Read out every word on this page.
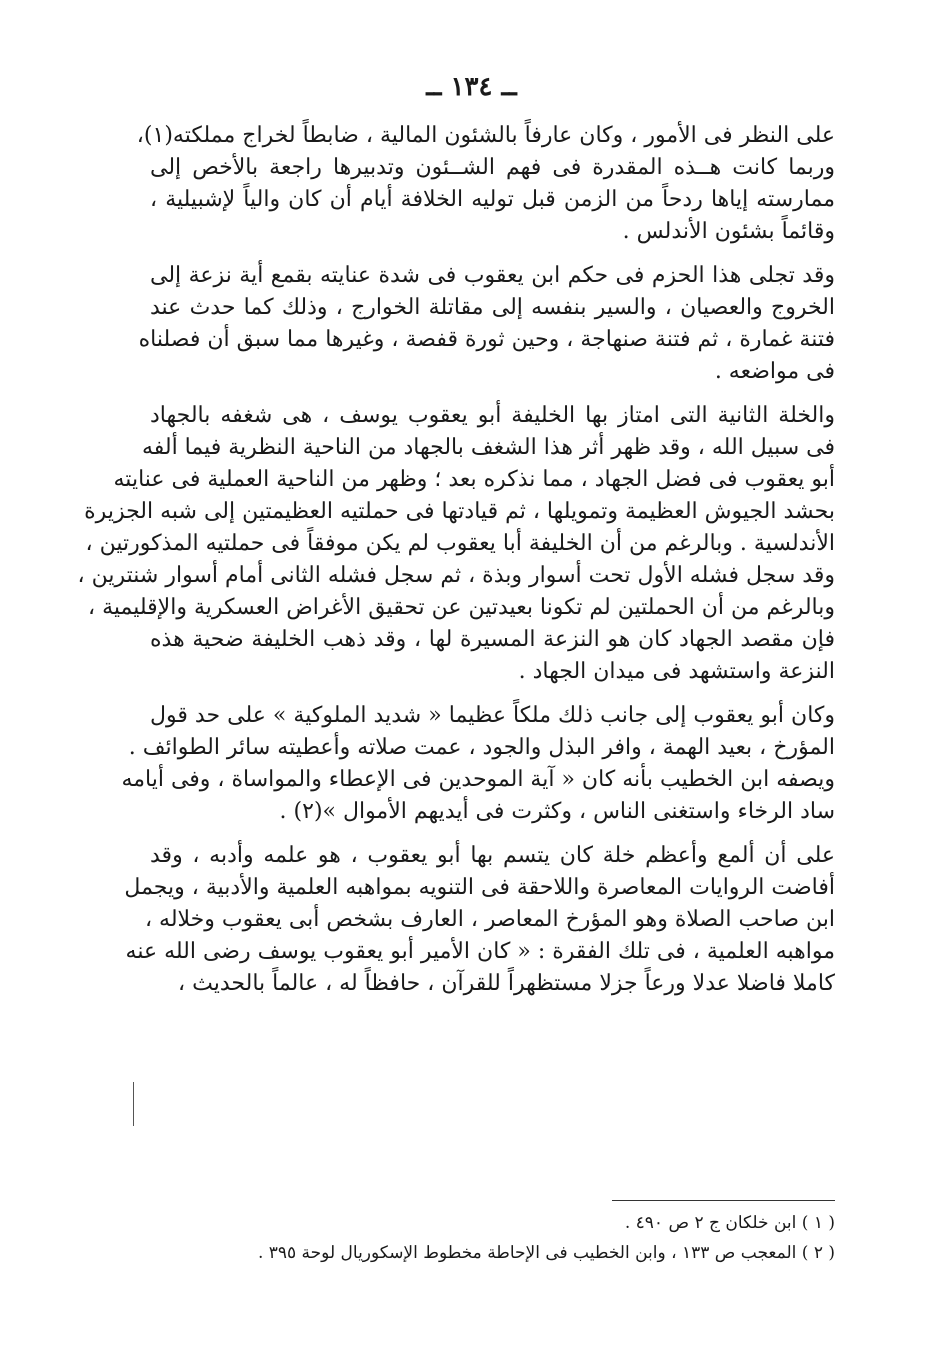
ــ ١٣٤ ــ
على النظر فى الأمور ، وكان عارفاً بالشئون المالية ، ضابطاً لخراج مملكته(١)،
وربما كانت هــذه المقدرة فى فهم الشــئون وتدبيرها راجعة بالأخص إلى
ممارسته إياها ردحاً من الزمن قبل توليه الخلافة أيام أن كان والياً لإشبيلية ،
وقائماً بشئون الأندلس .
وقد تجلى هذا الحزم فى حكم ابن يعقوب فى شدة عنايته بقمع أية نزعة إلى
الخروج والعصيان ، والسير بنفسه إلى مقاتلة الخوارج ، وذلك كما حدث عند
فتنة غمارة ، ثم فتنة صنهاجة ، وحين ثورة قفصة ، وغيرها مما سبق أن فصلناه
فى مواضعه .
والخلة الثانية التى امتاز بها الخليفة أبو يعقوب يوسف ، هى شغفه بالجهاد
فى سبيل الله ، وقد ظهر أثر هذا الشغف بالجهاد من الناحية النظرية فيما ألفه
أبو يعقوب فى فضل الجهاد ، مما نذكره بعد ؛ وظهر من الناحية العملية فى عنايته
بحشد الجيوش العظيمة وتمويلها ، ثم قيادتها فى حملتيه العظيمتين إلى شبه الجزيرة
الأندلسية . وبالرغم من أن الخليفة أبا يعقوب لم يكن موفقاً فى حملتيه المذكورتين ،
وقد سجل فشله الأول تحت أسوار وبذة ، ثم سجل فشله الثانى أمام أسوار شنترين ،
وبالرغم من أن الحملتين لم تكونا بعيدتين عن تحقيق الأغراض العسكرية والإقليمية ،
فإن مقصد الجهاد كان هو النزعة المسيرة لها ، وقد ذهب الخليفة ضحية هذه
النزعة واستشهد فى ميدان الجهاد .
وكان أبو يعقوب إلى جانب ذلك ملكاً عظيما « شديد الملوكية » على حد قول
المؤرخ ، بعيد الهمة ، وافر البذل والجود ، عمت صلاته وأعطيته سائر الطوائف .
ويصفه ابن الخطيب بأنه كان « آية الموحدين فى الإعطاء والمواساة ، وفى أيامه
ساد الرخاء واستغنى الناس ، وكثرت فى أيديهم الأموال »(٢) .
على أن ألمع وأعظم خلة كان يتسم بها أبو يعقوب ، هو علمه وأدبه ، وقد
أفاضت الروايات المعاصرة واللاحقة فى التنويه بمواهبه العلمية والأدبية ، ويجمل
ابن صاحب الصلاة وهو المؤرخ المعاصر ، العارف بشخص أبى يعقوب وخلاله ،
مواهبه العلمية ، فى تلك الفقرة : « كان الأمير أبو يعقوب يوسف رضى الله عنه
كاملا فاضلا عدلا ورعاً جزلا مستظهراً للقرآن ، حافظاً له ، عالماً بالحديث ،
( ١ ) ابن خلكان ج ٢ ص ٤٩٠ .
( ٢ ) المعجب ص ١٣٣ ، وابن الخطيب فى الإحاطة مخطوط الإسكوريال لوحة ٣٩٥ .
